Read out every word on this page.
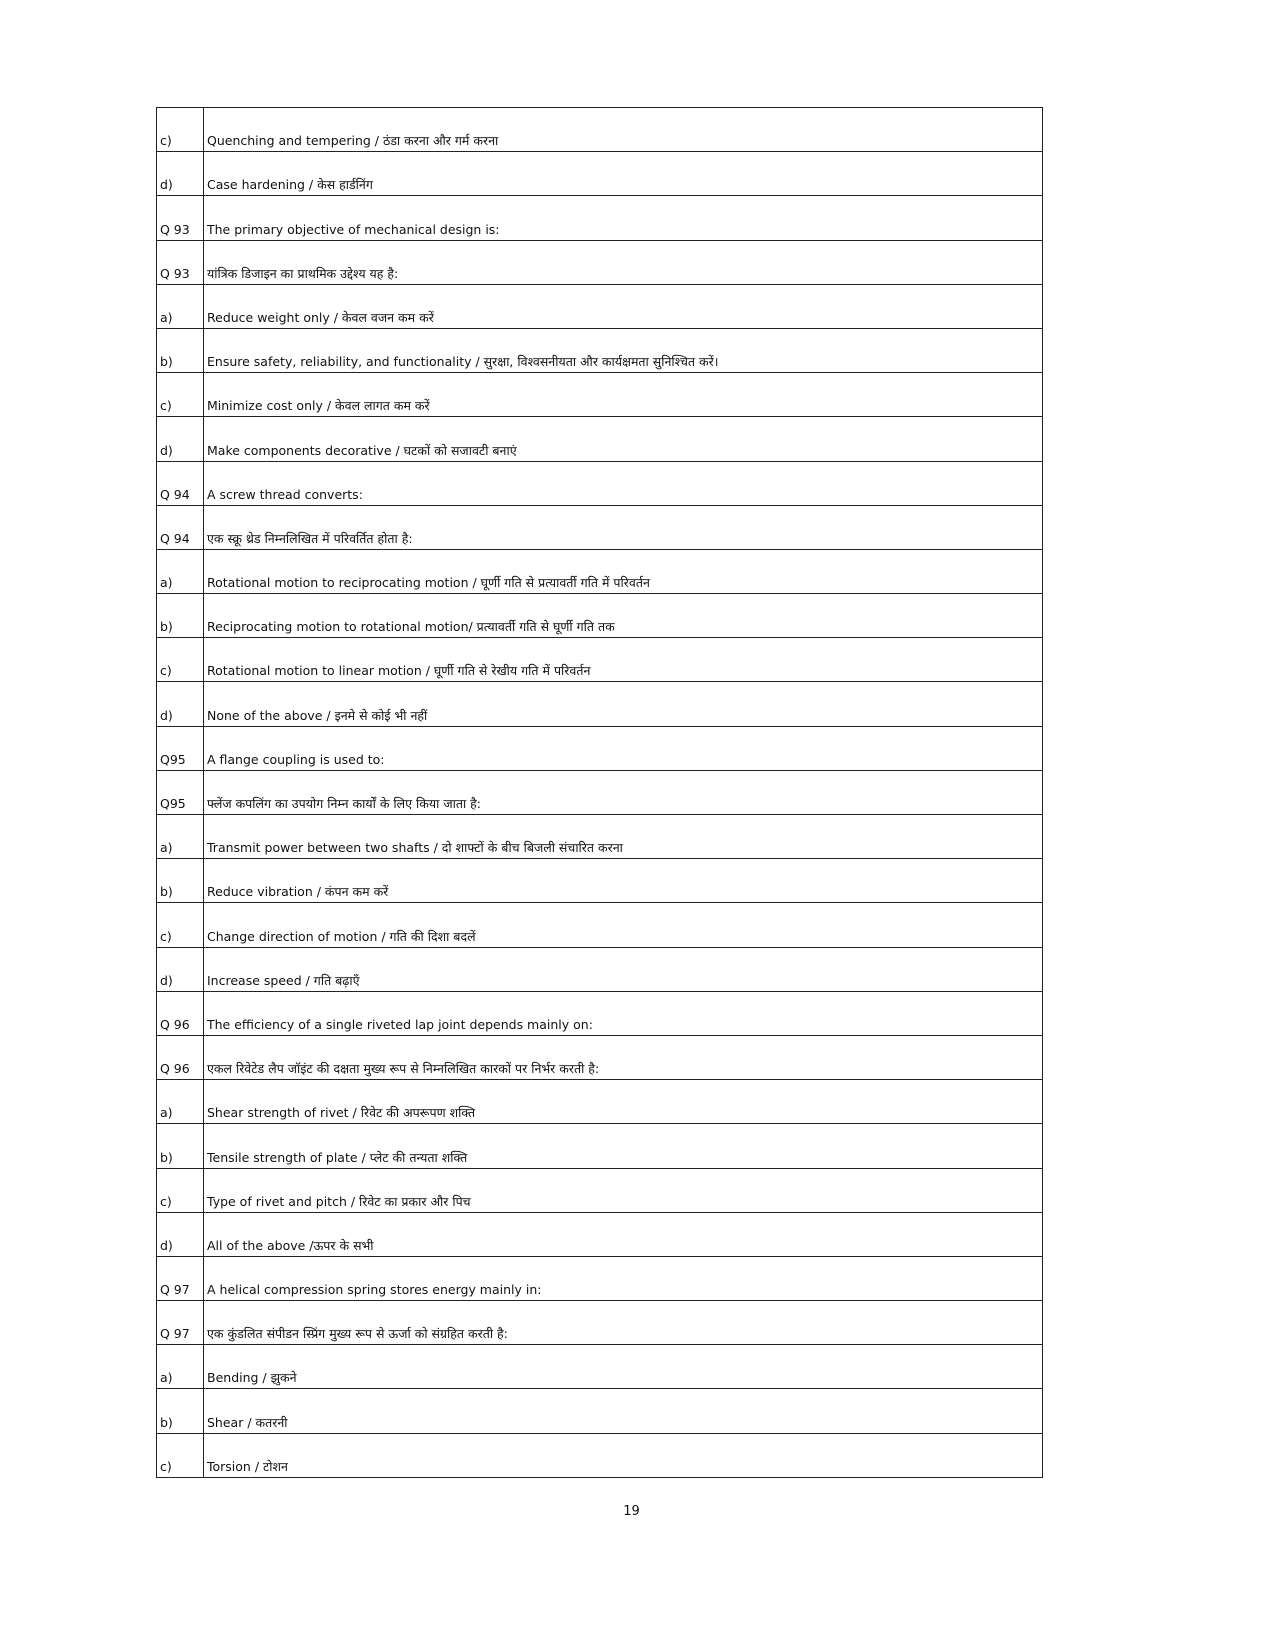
c)	Quenching and tempering / ठंडा करना और गर्म करना
d)	Case hardening / केस हार्डनिंग
Q 93	The primary objective of mechanical design is:
Q 93	यांत्रिक डिजाइन का प्राथमिक उद्देश्य यह है:
a)	Reduce weight only / केवल वजन कम करें
b)	Ensure safety, reliability, and functionality / सुरक्षा, विश्वसनीयता और कार्यक्षमता सुनिश्चित करें।
c)	Minimize cost only / केवल लागत कम करें
d)	Make components decorative / घटकों को सजावटी बनाएं
Q 94	A screw thread converts:
Q 94	एक स्क्रू थ्रेड निम्नलिखित में परिवर्तित होता है:
a)	Rotational motion to reciprocating motion / घूर्णी गति से प्रत्यावर्ती गति में परिवर्तन
b)	Reciprocating motion to rotational motion/ प्रत्यावर्ती गति से घूर्णी गति तक
c)	Rotational motion to linear motion / घूर्णी गति से रेखीय गति में परिवर्तन
d)	None of the above / इनमे से कोई भी नहीं
Q95	A flange coupling is used to:
Q95	फ्लेंज कपलिंग का उपयोग निम्न कार्यों के लिए किया जाता है:
a)	Transmit power between two shafts / दो शाफ्टों के बीच बिजली संचारित करना
b)	Reduce vibration / कंपन कम करें
c)	Change direction of motion / गति की दिशा बदलें
d)	Increase speed / गति बढ़ाएँ
Q 96	The efficiency of a single riveted lap joint depends mainly on:
Q 96	एकल रिवेटेड लैप जॉइंट की दक्षता मुख्य रूप से निम्नलिखित कारकों पर निर्भर करती है:
a)	Shear strength of rivet / रिवेट की अपरूपण शक्ति
b)	Tensile strength of plate / प्लेट की तन्यता शक्ति
c)	Type of rivet and pitch / रिवेट का प्रकार और पिच
d)	All of the above /ऊपर के सभी
Q 97	A helical compression spring stores energy mainly in:
Q 97	एक कुंडलित संपीडन स्प्रिंग मुख्य रूप से ऊर्जा को संग्रहित करती है:
a)	Bending / झुकने
b)	Shear / कतरनी
c)	Torsion / टोशन
19
